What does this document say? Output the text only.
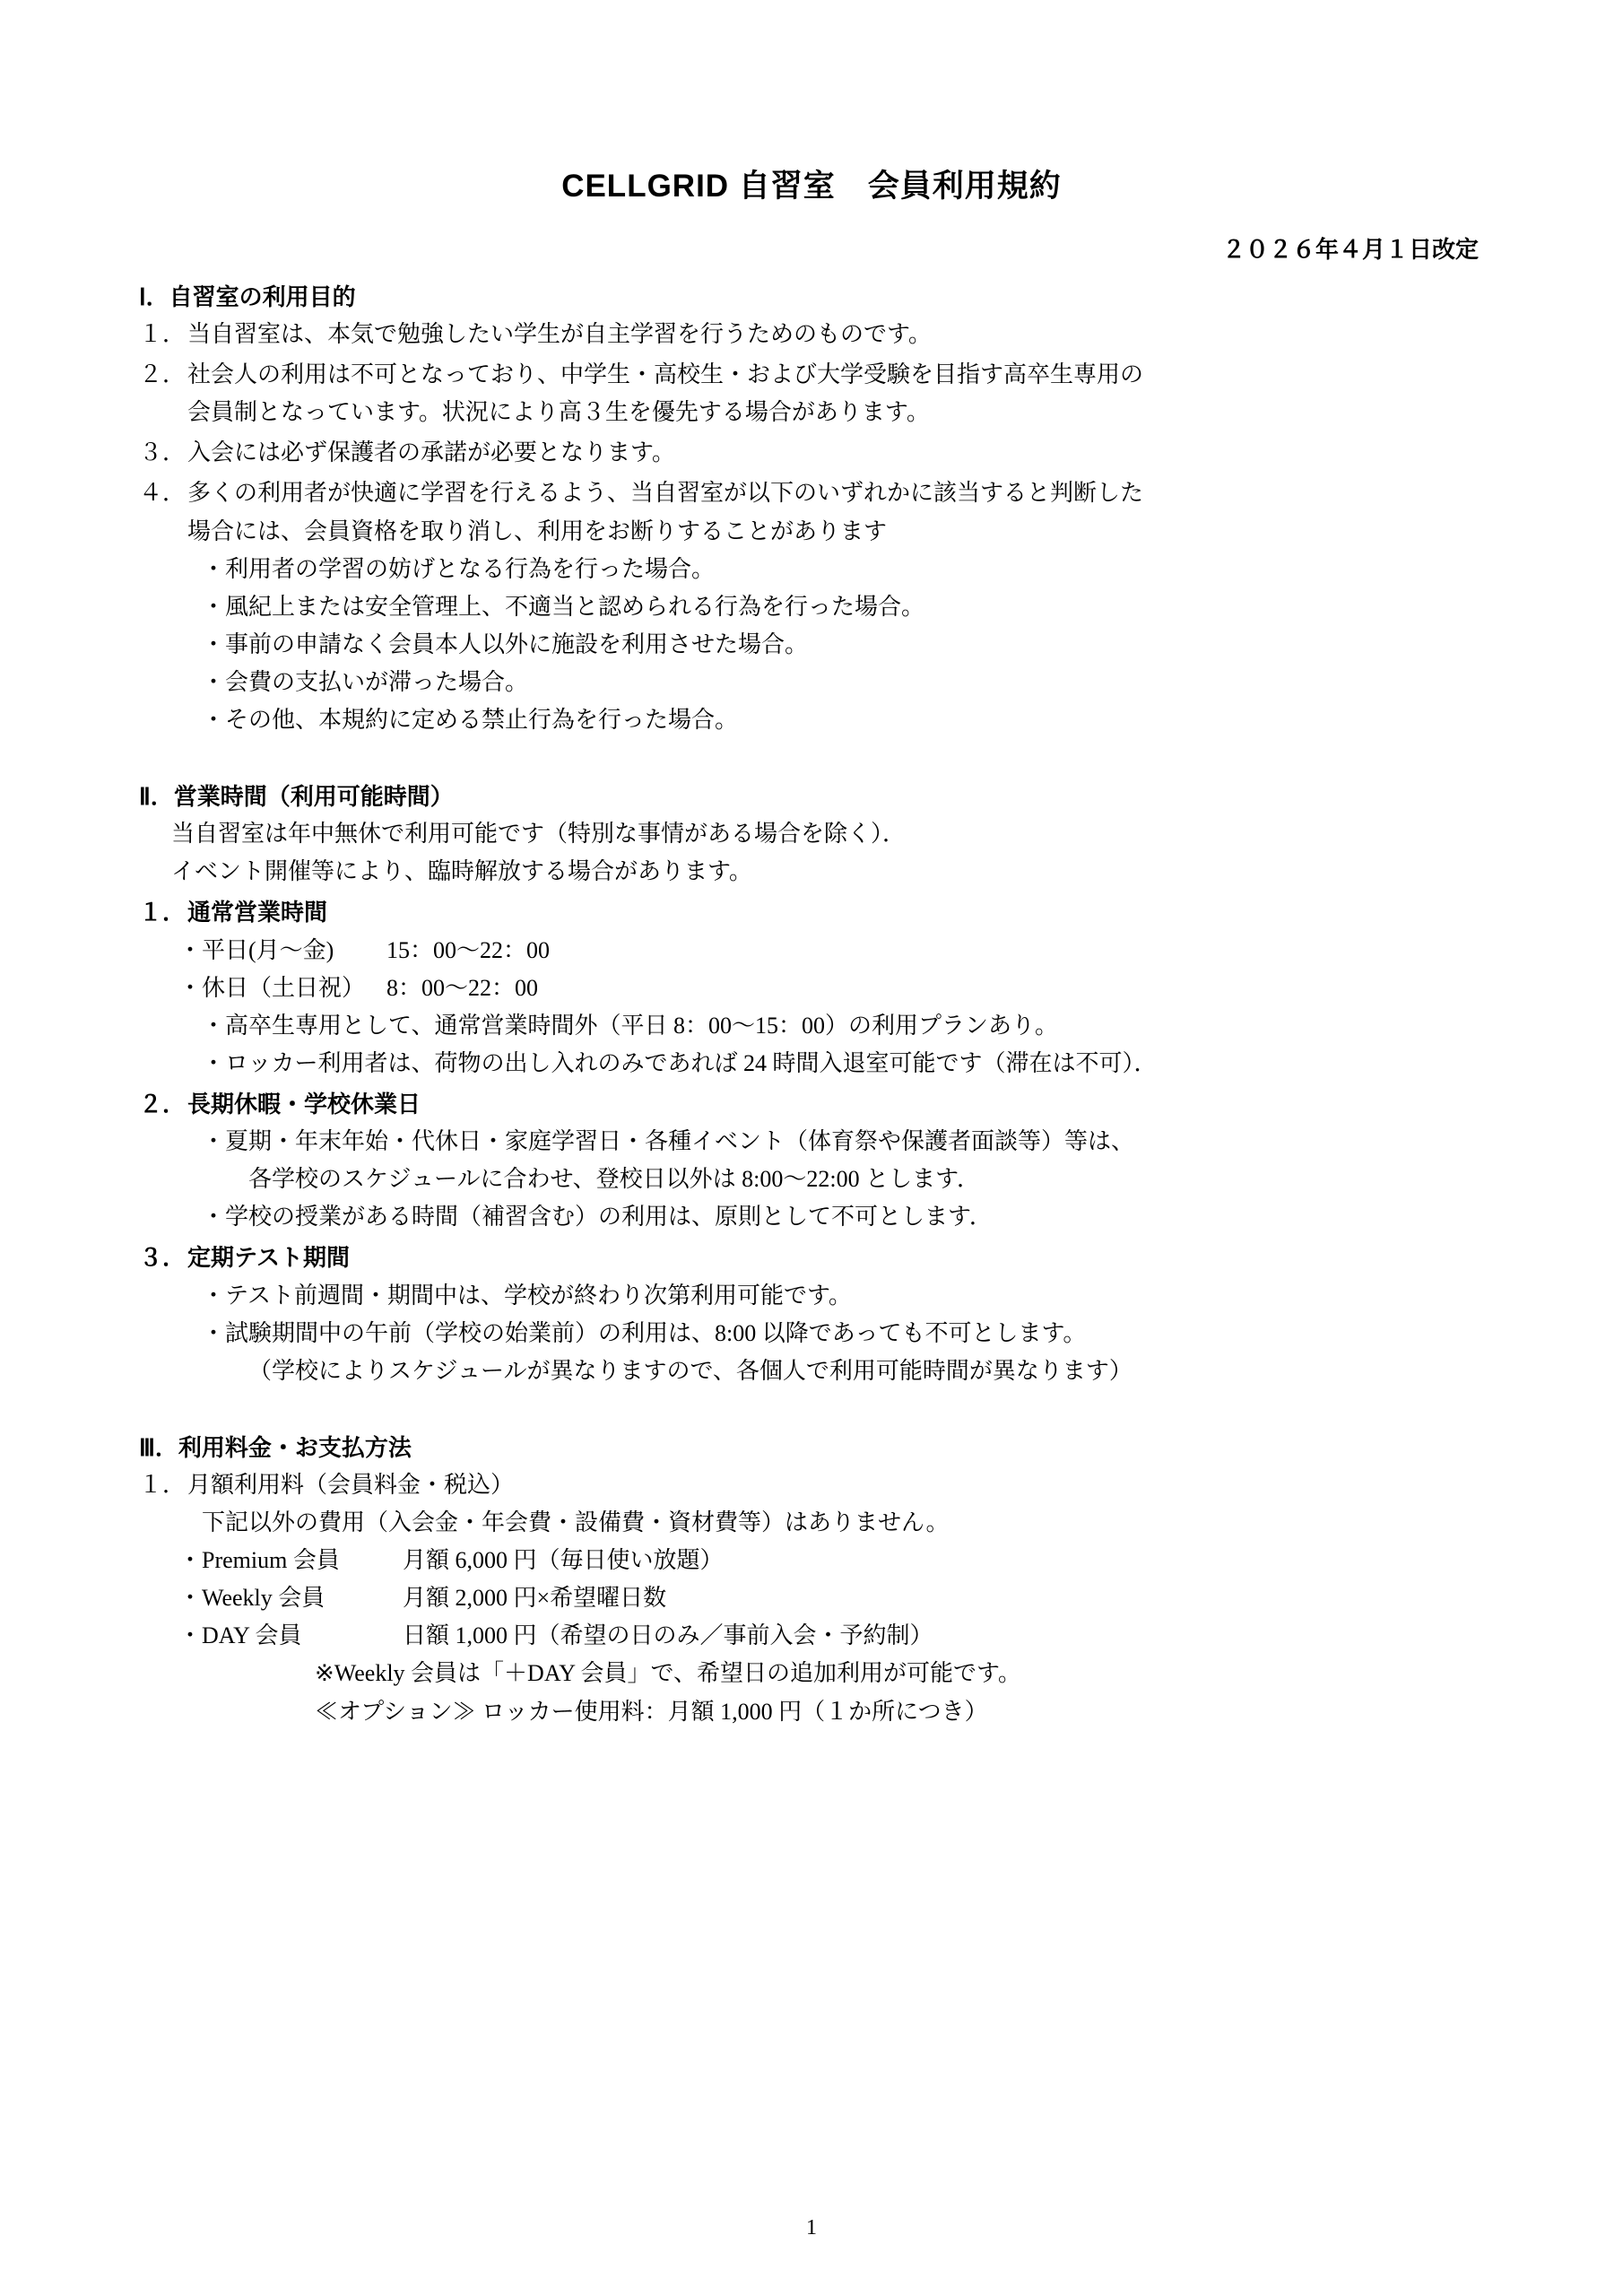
CELLGRID 自習室　会員利用規約
２０２６年４月１日改定
Ⅰ．自習室の利用目的

１．当自習室は、本気で勉強したい学生が自主学習を行うためのものです。

２．社会人の利用は不可となっており、中学生・高校生・および大学受験を目指す高卒生専用の

会員制となっています。状況により高３生を優先する場合があります。

３．入会には必ず保護者の承諾が必要となります。

４．多くの利用者が快適に学習を行えるよう、当自習室が以下のいずれかに該当すると判断した

場合には、会員資格を取り消し、利用をお断りすることがあります

・利用者の学習の妨げとなる行為を行った場合。

・風紀上または安全管理上、不適当と認められる行為を行った場合。

・事前の申請なく会員本人以外に施設を利用させた場合。

・会費の支払いが滞った場合。

・その他、本規約に定める禁止行為を行った場合。

Ⅱ．営業時間（利用可能時間）

当自習室は年中無休で利用可能です（特別な事情がある場合を除く）．

イベント開催等により、臨時解放する場合があります。

１．通常営業時間

・平日(月〜金) 15：00〜22：00

・休日（土日祝） 8：00〜22：00

・高卒生専用として、通常営業時間外（平日 8：00〜15：00）の利用プランあり。

・ロッカー利用者は、荷物の出し入れのみであれば 24 時間入退室可能です（滞在は不可）．

２．長期休暇・学校休業日

・夏期・年末年始・代休日・家庭学習日・各種イベント（体育祭や保護者面談等）等は、

各学校のスケジュールに合わせ、登校日以外は 8:00〜22:00 とします．

・学校の授業がある時間（補習含む）の利用は、原則として不可とします．

３．定期テスト期間

・テスト前週間・期間中は、学校が終わり次第利用可能です。

・試験期間中の午前（学校の始業前）の利用は、8:00 以降であっても不可とします。

（学校によりスケジュールが異なりますので、各個人で利用可能時間が異なります）

Ⅲ．利用料金・お支払方法

１．月額利用料（会員料金・税込）

下記以外の費用（入会金・年会費・設備費・資材費等）はありません。

・Premium 会員	月額 6,000 円（毎日使い放題）

・Weekly 会員	月額 2,000 円×希望曜日数

・DAY 会員	日額 1,000 円（希望の日のみ／事前入会・予約制）

※Weekly 会員は「＋DAY 会員」で、希望日の追加利用が可能です。

≪オプション≫ ロッカー使用料：月額 1,000 円（１か所につき）

1
